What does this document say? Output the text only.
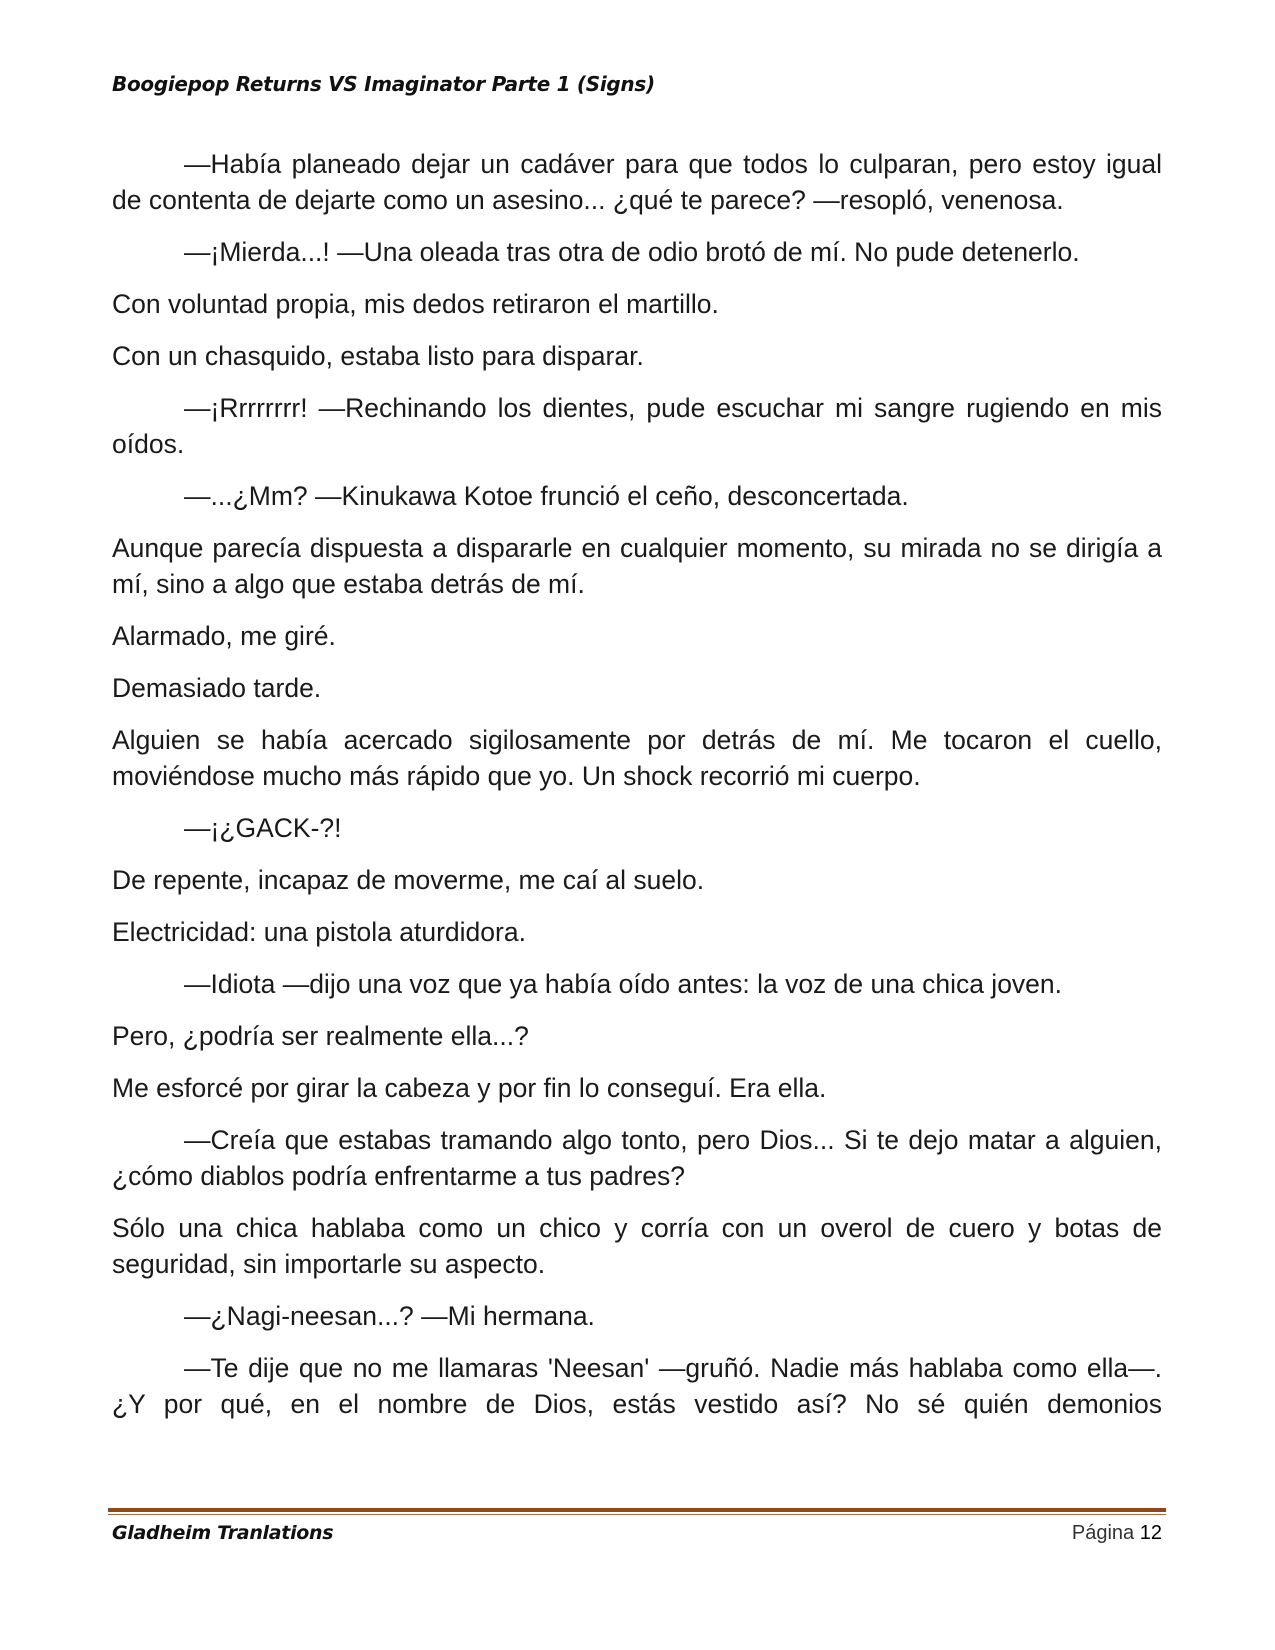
Boogiepop Returns VS Imaginator Parte 1 (Signs)

—Había planeado dejar un cadáver para que todos lo culparan, pero estoy igual de contenta de dejarte como un asesino... ¿qué te parece? —resopló, venenosa.

—¡Mierda...! —Una oleada tras otra de odio brotó de mí. No pude detenerlo.

Con voluntad propia, mis dedos retiraron el martillo.

Con un chasquido, estaba listo para disparar.

—¡Rrrrrrrr! —Rechinando los dientes, pude escuchar mi sangre rugiendo en mis oídos.

—...¿Mm? —Kinukawa Kotoe frunció el ceño, desconcertada.

Aunque parecía dispuesta a dispararle en cualquier momento, su mirada no se dirigía a mí, sino a algo que estaba detrás de mí.

Alarmado, me giré.

Demasiado tarde.

Alguien se había acercado sigilosamente por detrás de mí. Me tocaron el cuello, moviéndose mucho más rápido que yo. Un shock recorrió mi cuerpo.

—¡¿GACK-?!

De repente, incapaz de moverme, me caí al suelo.

Electricidad: una pistola aturdidora.

—Idiota —dijo una voz que ya había oído antes: la voz de una chica joven.

Pero, ¿podría ser realmente ella...?

Me esforcé por girar la cabeza y por fin lo conseguí. Era ella.

—Creía que estabas tramando algo tonto, pero Dios... Si te dejo matar a alguien, ¿cómo diablos podría enfrentarme a tus padres?

Sólo una chica hablaba como un chico y corría con un overol de cuero y botas de seguridad, sin importarle su aspecto.

—¿Nagi-neesan...? —Mi hermana.

—Te dije que no me llamaras 'Neesan' —gruñó. Nadie más hablaba como ella—. ¿Y por qué, en el nombre de Dios, estás vestido así? No sé quién demonios

Gladheim Tranlations	Página 12
